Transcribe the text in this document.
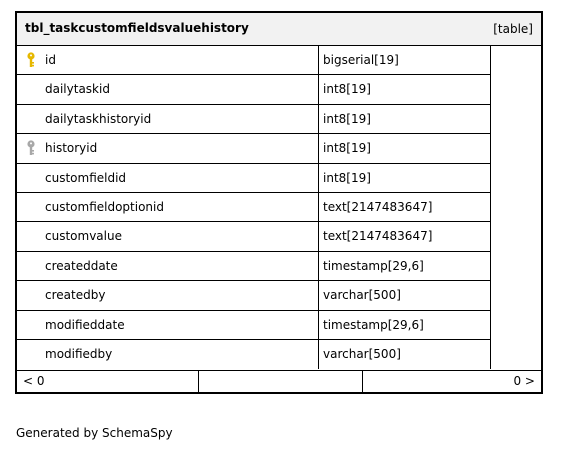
tbl_taskcustomfieldsvaluehistory	[table]
id	bigserial[19]
dailytaskid	int8[19]
dailytaskhistoryid	int8[19]
historyid	int8[19]
customfieldid	int8[19]
customfieldoptionid	text[2147483647]
customvalue	text[2147483647]
createddate	timestamp[29,6]
createdby	varchar[500]
modifieddate	timestamp[29,6]
modifiedby	varchar[500]
< 0	0 >
Generated by SchemaSpy
